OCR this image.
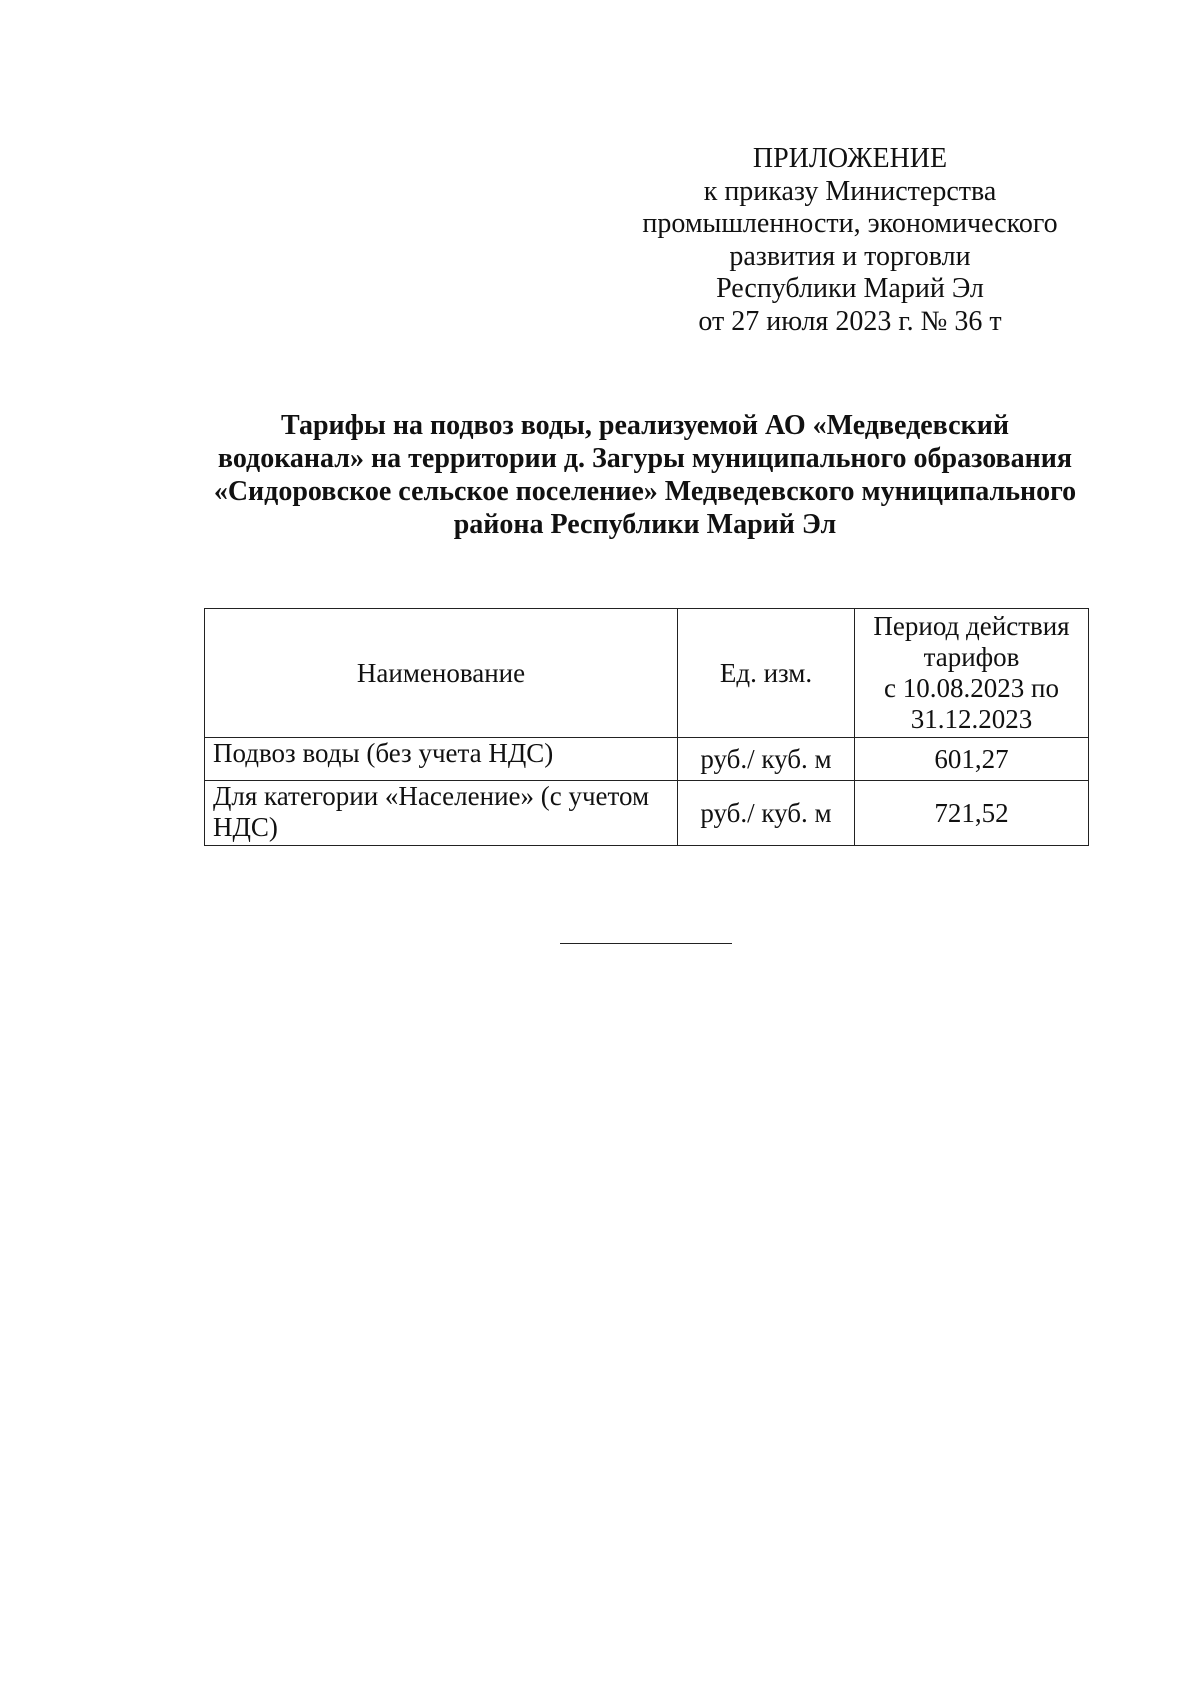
ПРИЛОЖЕНИЕ
к приказу Министерства
промышленности, экономического
развития и торговли
Республики Марий Эл
от 27 июля 2023 г. № 36 т
Тарифы на подвоз воды, реализуемой АО «Медведевский
водоканал» на территории д. Загуры муниципального образования
«Сидоровское сельское поселение» Медведевского муниципального
района Республики Марий Эл
Наименование	Ед. изм.	Период действия
тарифов
с 10.08.2023 по
31.12.2023

Подвоз воды (без учета НДС)	руб./ куб. м	601,27
Для категории «Население» (с учетом НДС)	руб./ куб. м	721,52
